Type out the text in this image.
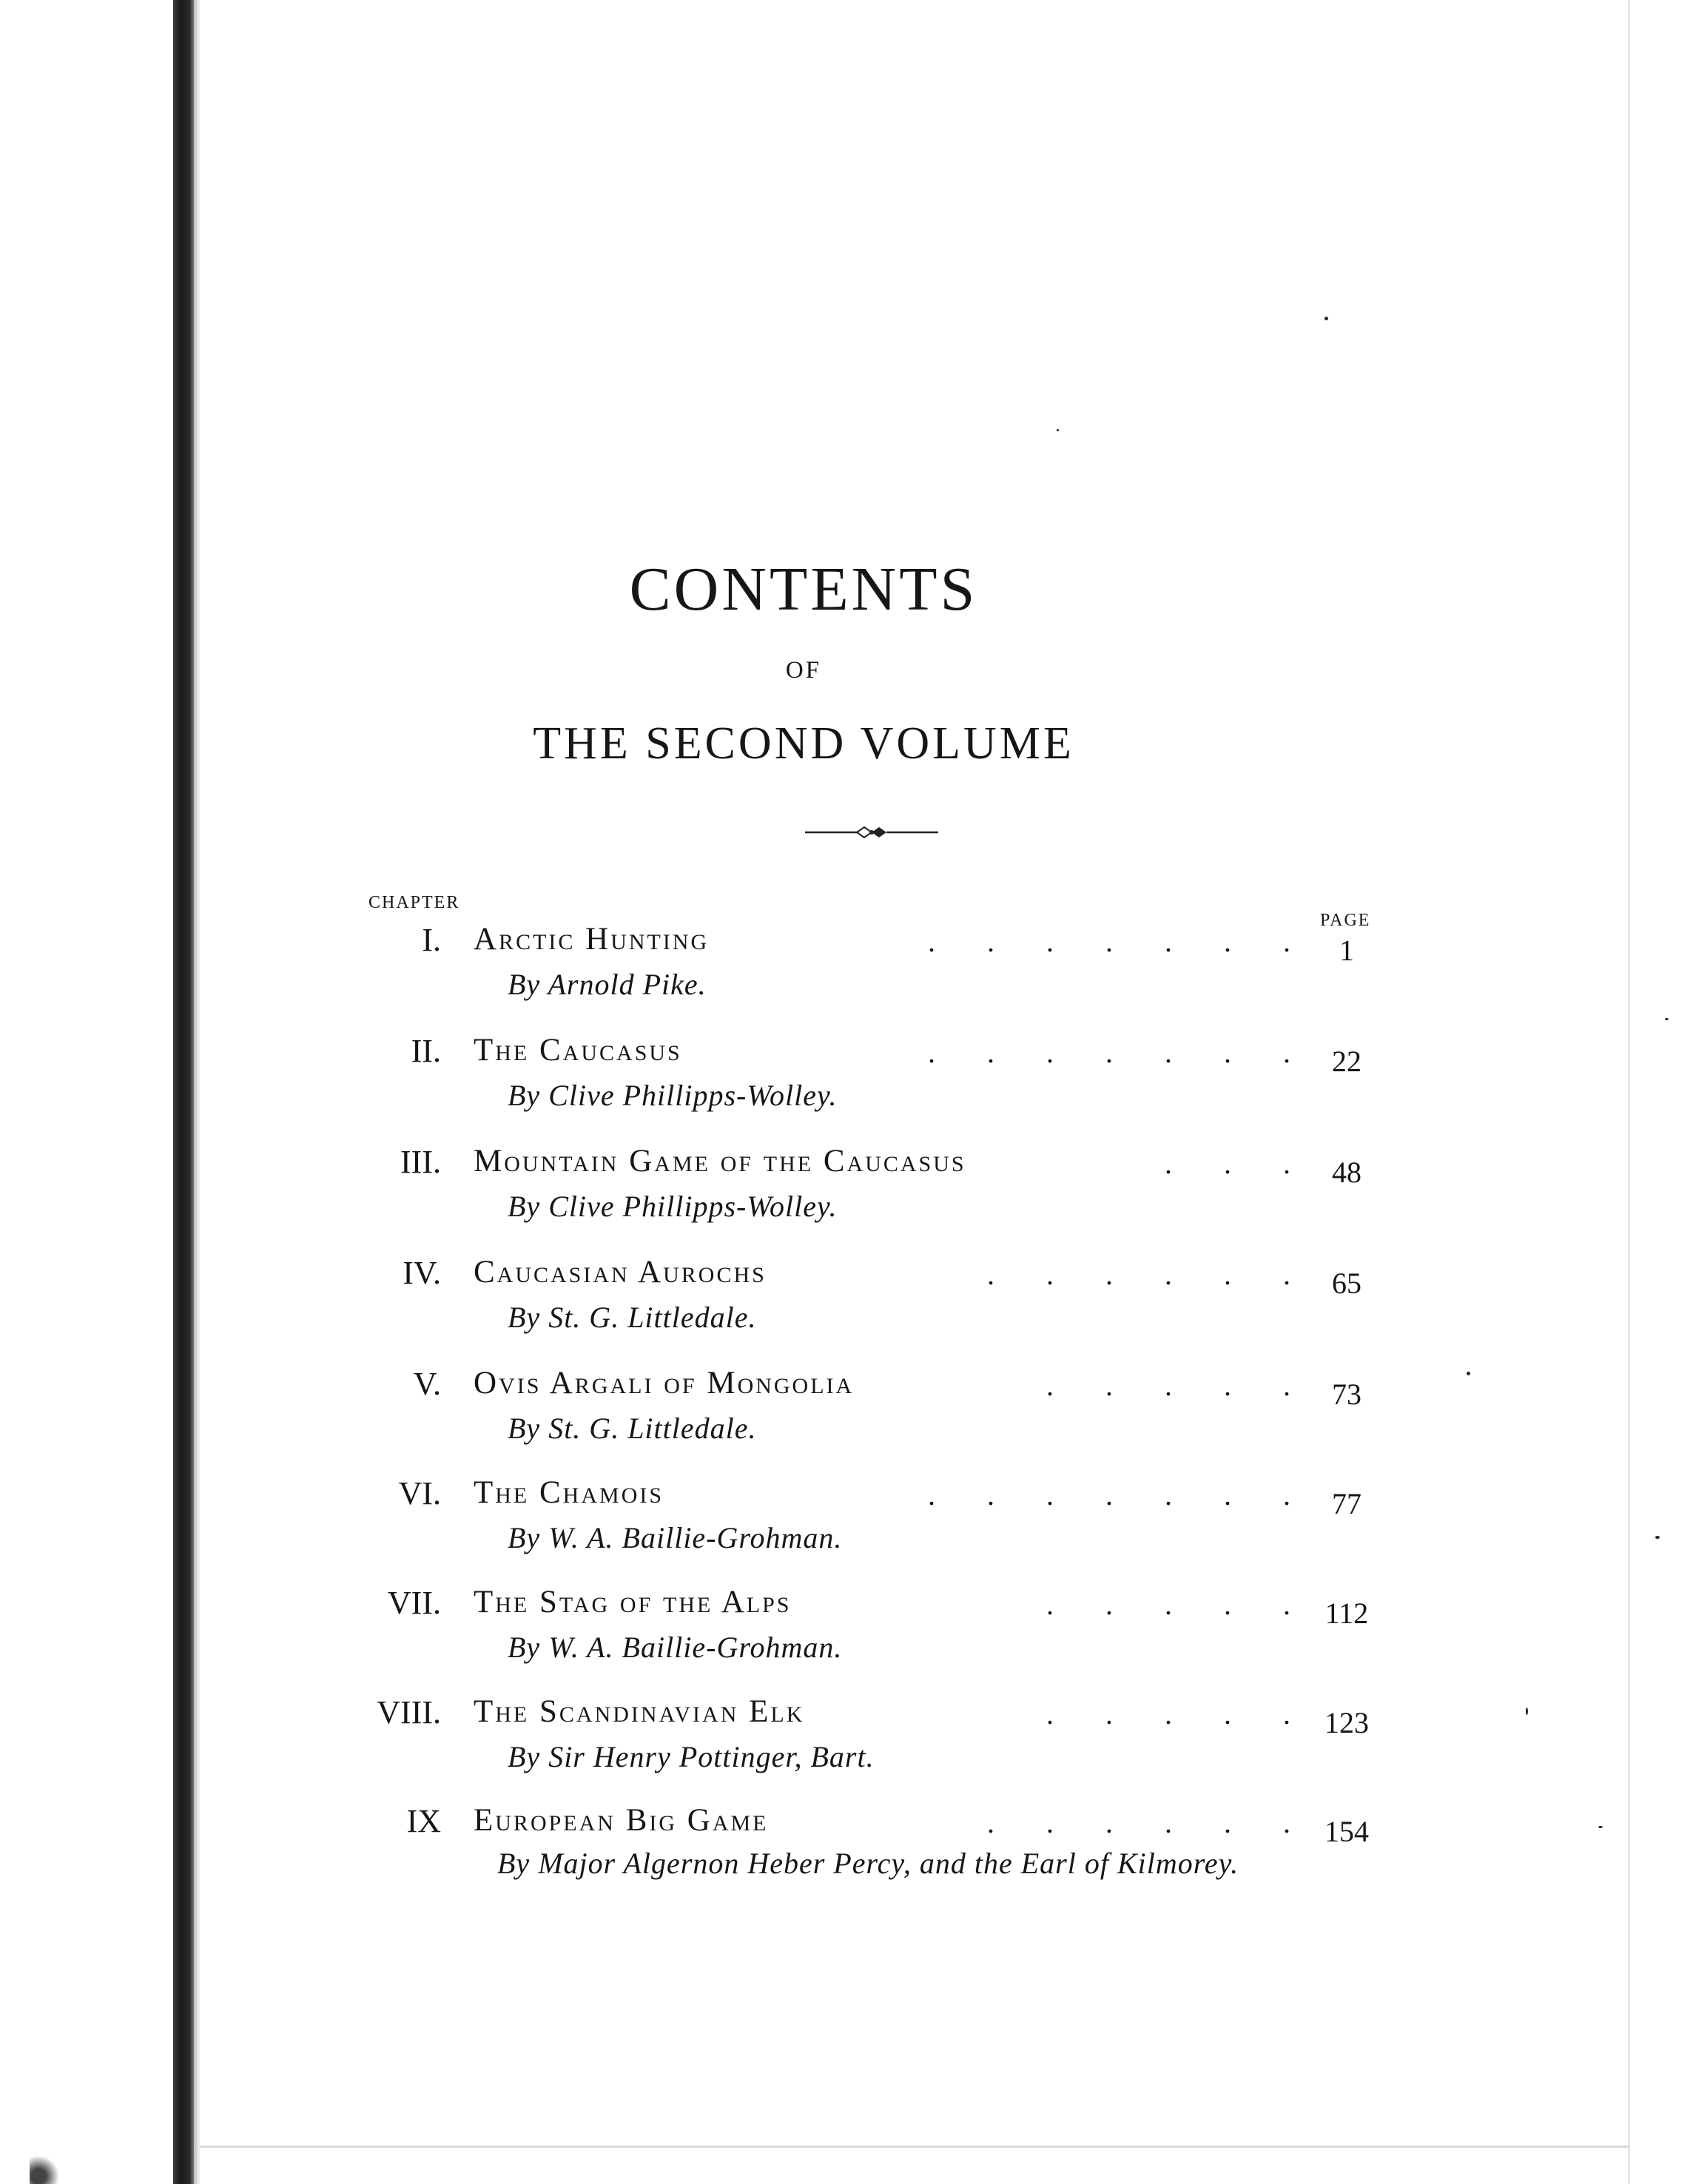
CONTENTS
OF
THE SECOND VOLUME
CHAPTER
PAGE
I. Arctic Hunting	.       .       .       .       .       .       .	1
By Arnold Pike.
II. The Caucasus	.       .       .       .       .       .       .	22
By Clive Phillipps-Wolley.
III. Mountain Game of the Caucasus	.       .       .	48
By Clive Phillipps-Wolley.
IV. Caucasian Aurochs	.       .       .       .       .       .	65
By St. G. Littledale.
V. Ovis Argali of Mongolia	.       .       .       .       .	73
By St. G. Littledale.
VI. The Chamois	.       .       .       .       .       .       .	77
By W. A. Baillie-Grohman.
VII. The Stag of the Alps	.       .       .       .       .	112
By W. A. Baillie-Grohman.
VIII. The Scandinavian Elk	.       .       .       .       .	123
By Sir Henry Pottinger, Bart.
IX European Big Game	.       .       .       .       .       .	154
By Major Algernon Heber Percy, and the Earl of Kilmorey.
